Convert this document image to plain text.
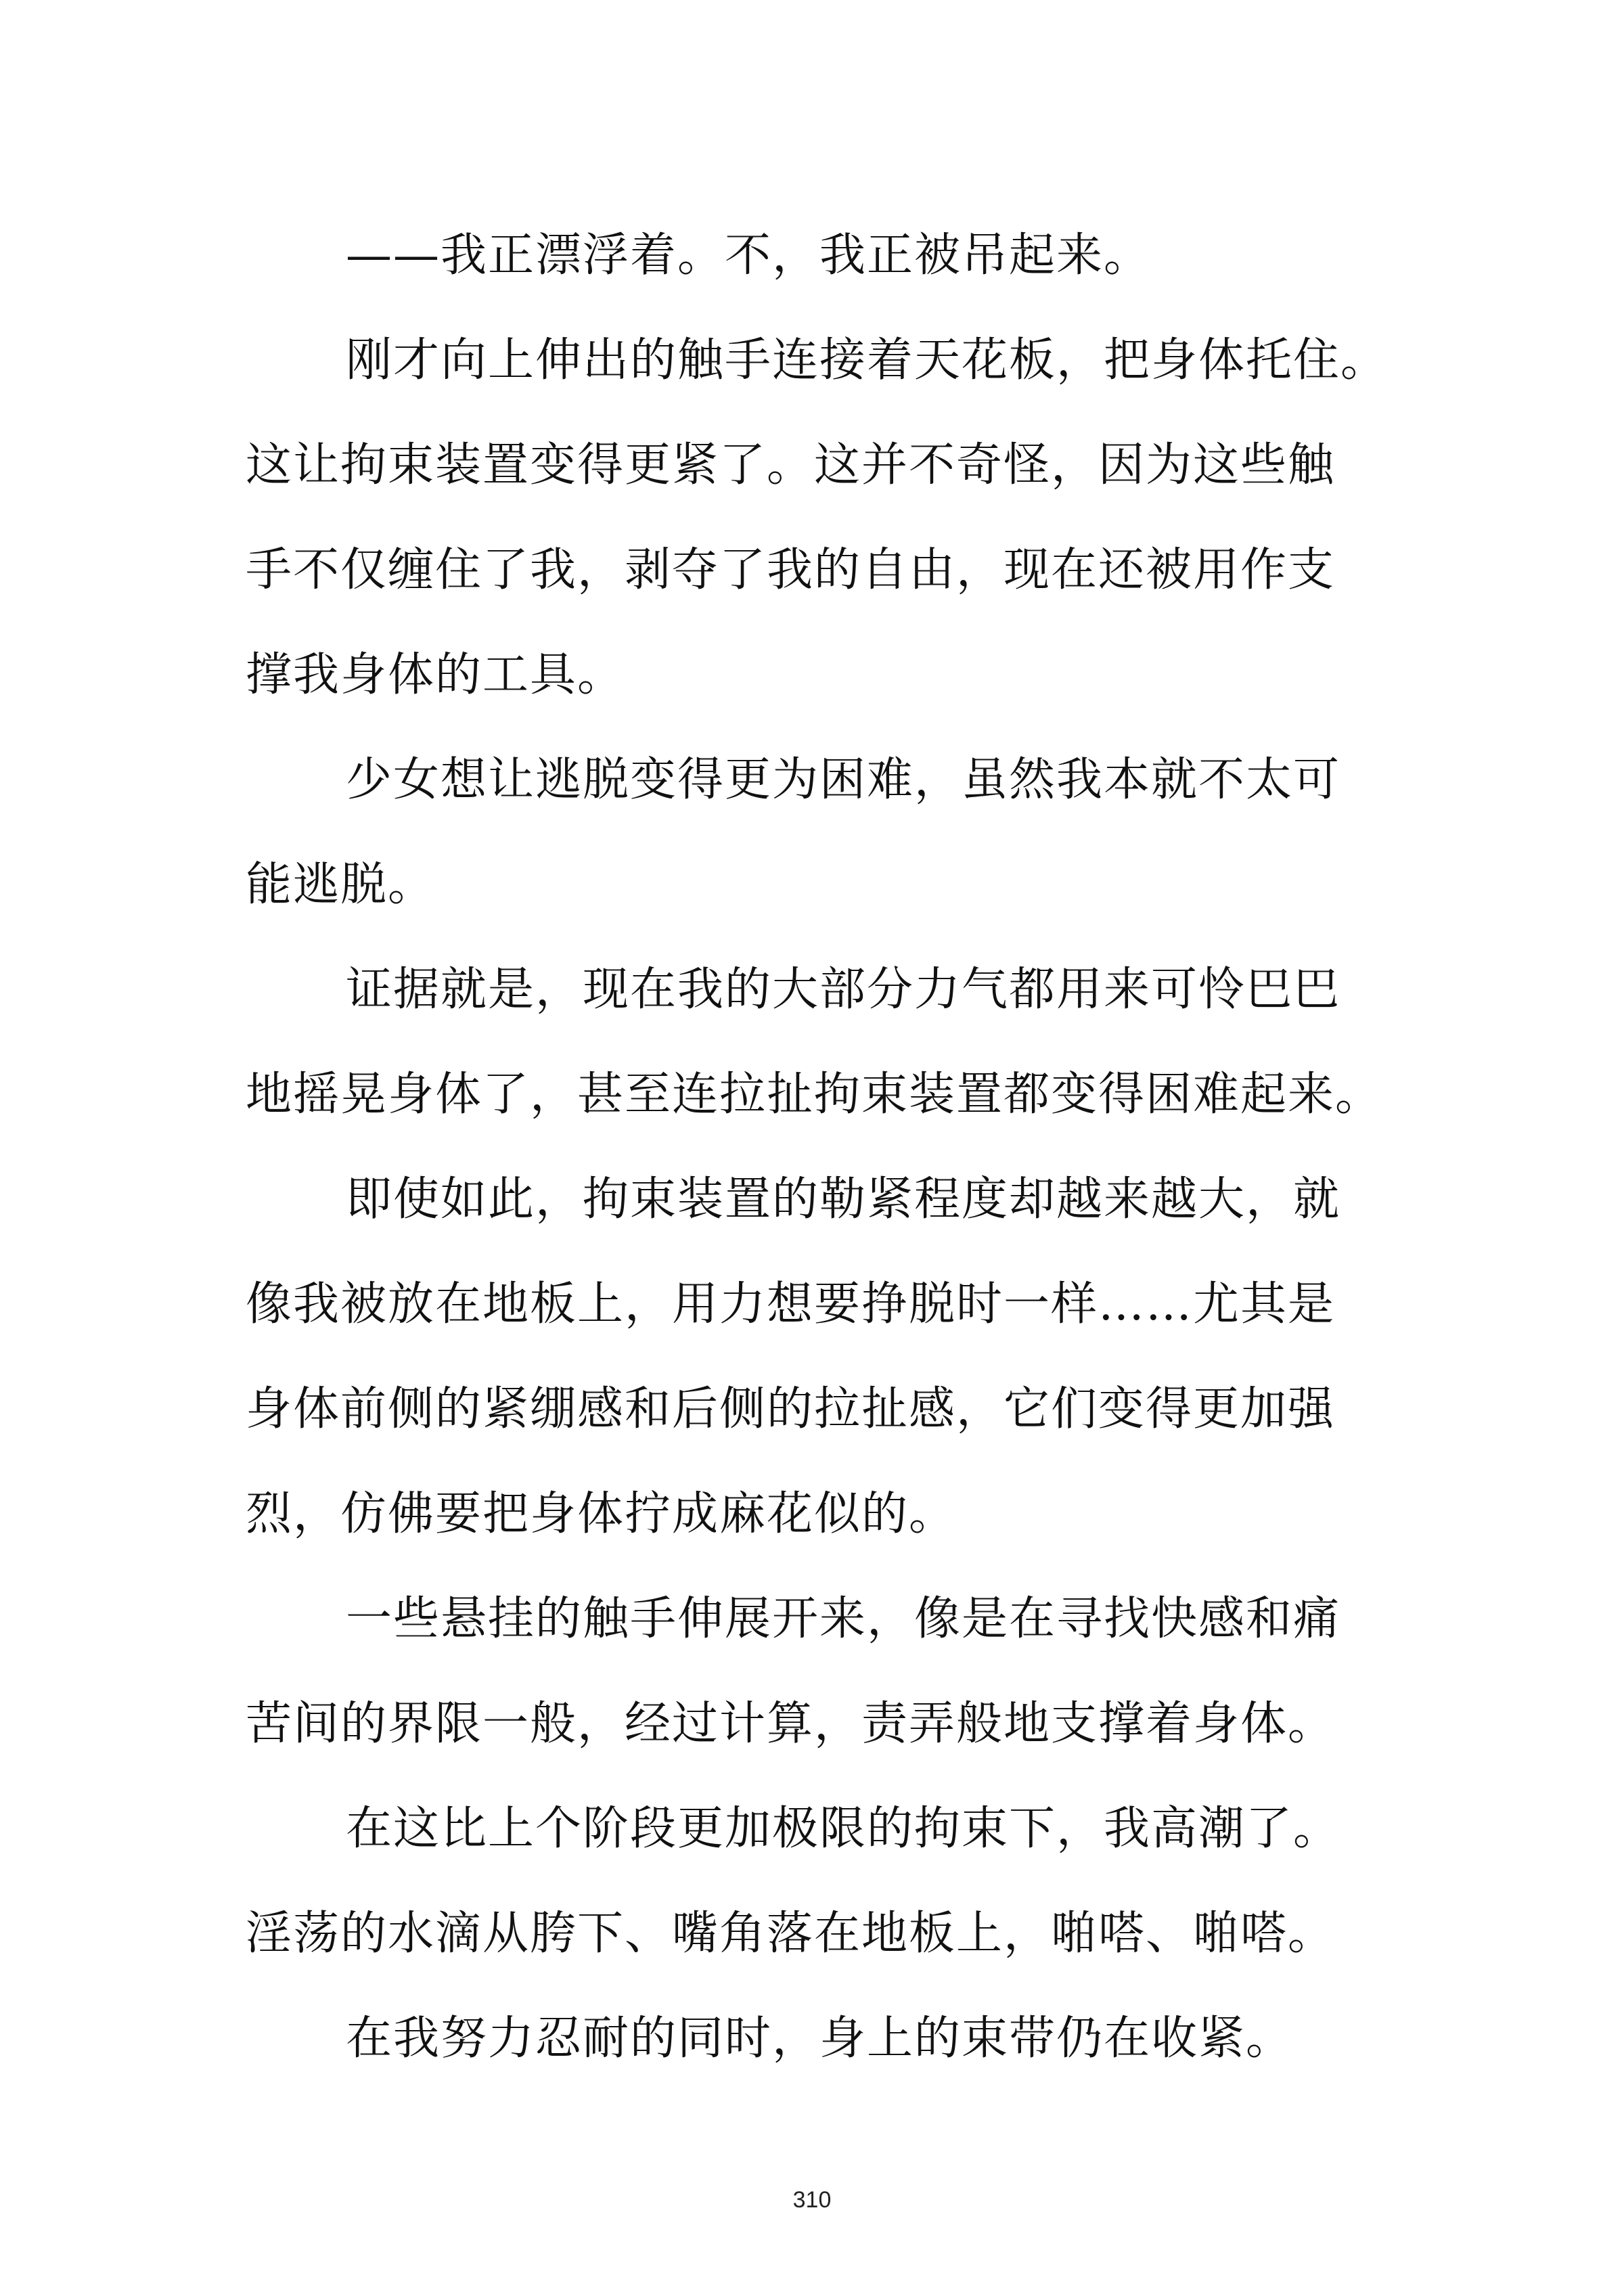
——我正漂浮着。不，我正被吊起来。
刚才向上伸出的触手连接着天花板，把身体托住。
这让拘束装置变得更紧了。这并不奇怪，因为这些触
手不仅缠住了我，剥夺了我的自由，现在还被用作支
撑我身体的工具。
少女想让逃脱变得更为困难，虽然我本就不太可
能逃脱。
证据就是，现在我的大部分力气都用来可怜巴巴
地摇晃身体了，甚至连拉扯拘束装置都变得困难起来。
即使如此，拘束装置的勒紧程度却越来越大，就
像我被放在地板上，用力想要挣脱时一样……尤其是
身体前侧的紧绷感和后侧的拉扯感，它们变得更加强
烈，仿佛要把身体拧成麻花似的。
一些悬挂的触手伸展开来，像是在寻找快感和痛
苦间的界限一般，经过计算，责弄般地支撑着身体。
在这比上个阶段更加极限的拘束下，我高潮了。
淫荡的水滴从胯下、嘴角落在地板上，啪嗒、啪嗒。
在我努力忍耐的同时，身上的束带仍在收紧。
310
